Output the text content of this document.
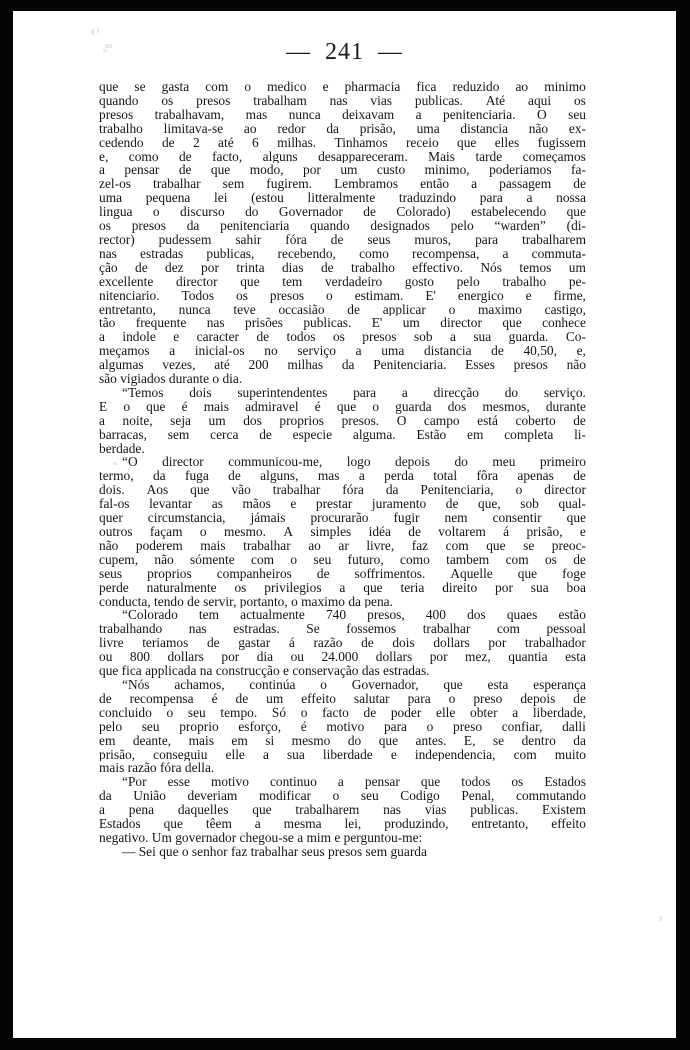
—  241  —

que se gasta com o medico e pharmacia fica reduzido ao minimo
quando os presos trabalham nas vias publicas. Até aqui os
presos trabalhavam, mas nunca deixavam a penitenciaria. O seu
trabalho limitava-se ao redor da prisão, uma distancia não ex-
cedendo de 2 até 6 milhas. Tinhamos receio que elles fugissem
e, como de facto, alguns desappareceram. Mais tarde começamos
a pensar de que modo, por um custo minimo, poderiamos fa-
zel-os trabalhar sem fugirem. Lembramos então a passagem de
uma pequena lei (estou litteralmente traduzindo para a nossa
lingua o discurso do Governador de Colorado) estabelecendo que
os presos da penitenciaria quando designados pelo “warden” (di-
rector) pudessem sahir fóra de seus muros, para trabalharem
nas estradas publicas, recebendo, como recompensa, a commuta-
ção de dez por trinta dias de trabalho effectivo. Nós temos um
excellente director que tem verdadeiro gosto pelo trabalho pe-
nitenciario. Todos os presos o estimam. E' energico e firme,
entretanto, nunca teve occasião de applicar o maximo castigo,
tão frequente nas prisões publicas. E' um director que conhece
a indole e caracter de todos os presos sob a sua guarda. Co-
meçamos a inicial-os no serviço a uma distancia de 40,50, e,
algumas vezes, até 200 milhas da Penitenciaria. Esses presos não
são vigiados durante o dia.

“Temos dois superintendentes para a direcção do serviço.
E o que é mais admiravel é que o guarda dos mesmos, durante
a noite, seja um dos proprios presos. O campo está coberto de
barracas, sem cerca de especie alguma. Estão em completa li-
berdade.

“O director communicou-me, logo depois do meu primeiro
termo, da fuga de alguns, mas a perda total fôra apenas de
dois. Aos que vão trabalhar fóra da Penitenciaria, o director
fal-os levantar as mãos e prestar juramento de que, sob qual-
quer circumstancia, jámais procurarão fugir nem consentir que
outros façam o mesmo. A simples idéa de voltarem á prisão, e
não poderem mais trabalhar ao ar livre, faz com que se preoc-
cupem, não sómente com o seu futuro, como tambem com os de
seus proprios companheiros de soffrimentos. Aquelle que foge
perde naturalmente os privilegios a que teria direito por sua boa
conducta, tendo de servir, portanto, o maximo da pena.

“Colorado tem actualmente 740 presos, 400 dos quaes estão
trabalhando nas estradas. Se fossemos trabalhar com pessoal
livre teriamos de gastar á razão de dois dollars por trabalhador
ou 800 dollars por dia ou 24.000 dollars por mez, quantia esta
que fica applicada na construcção e conservação das estradas.

“Nós achamos, continúa o Governador, que esta esperança
de recompensa é de um effeito salutar para o preso depois de
concluido o seu tempo. Só o facto de poder elle obter a liberdade,
pelo seu proprio esforço, é motivo para o preso confiar, dalli
em deante, mais em si mesmo do que antes. E, se dentro da
prisão, conseguiu elle a sua liberdade e independencia, com muito
mais razão fóra della.

“Por esse motivo continuo a pensar que todos os Estados
da União deveriam modificar o seu Codigo Penal, commutando
a pena daquelles que trabalharem nas vias publicas. Existem
Estados que têem a mesma lei, produzindo, entretanto, effeito
negativo. Um governador chegou-se a mim e perguntou-me:

— Sei que o senhor faz trabalhar seus presos sem guarda
